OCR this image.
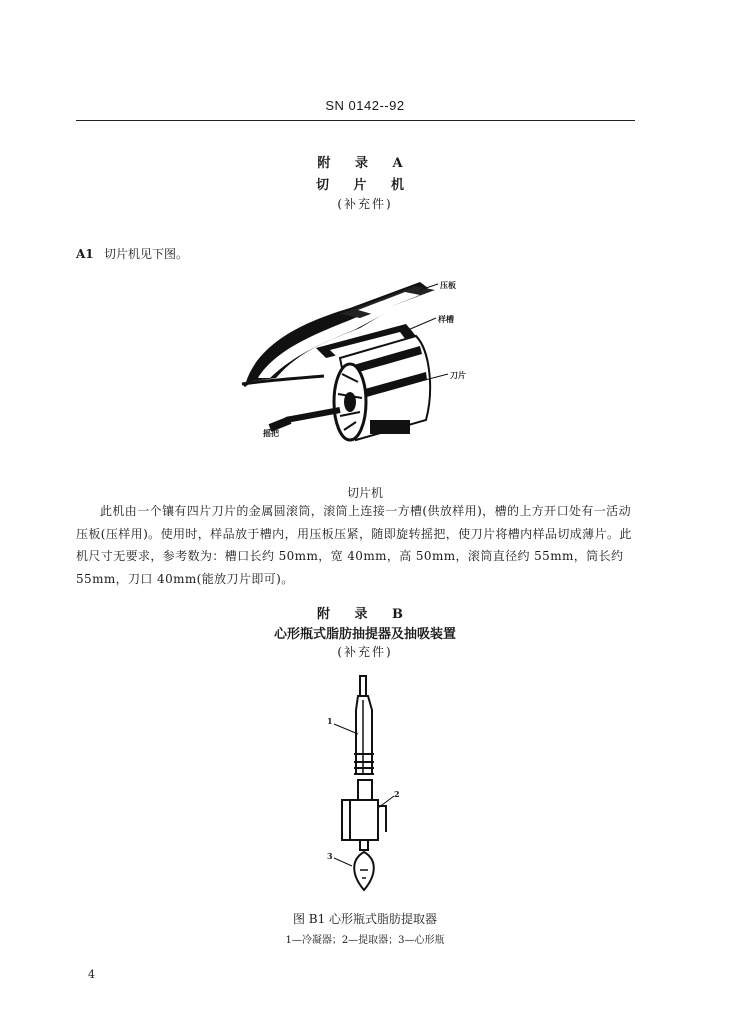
SN 0142--92
附 录 A
切 片 机
(补充件)
A1 切片机见下图。
压板
样槽
刀片
摇把
切片机

此机由一个镶有四片刀片的金属圆滚筒，滚筒上连接一方槽(供放样用)，槽的上方开口处有一活动压板(压样用)。使用时，样品放于槽内，用压板压紧，随即旋转摇把，使刀片将槽内样品切成薄片。此机尺寸无要求，参考数为：槽口长约 50mm，宽 40mm，高 50mm，滚筒直径约 55mm，筒长约 55mm，刀口 40mm(能放刀片即可)。

附 录 B
心形瓶式脂肪抽提器及抽吸装置
(补充件)
1
2
3
图 B1 心形瓶式脂肪提取器
1—冷凝器；2—提取器；3—心形瓶
4
